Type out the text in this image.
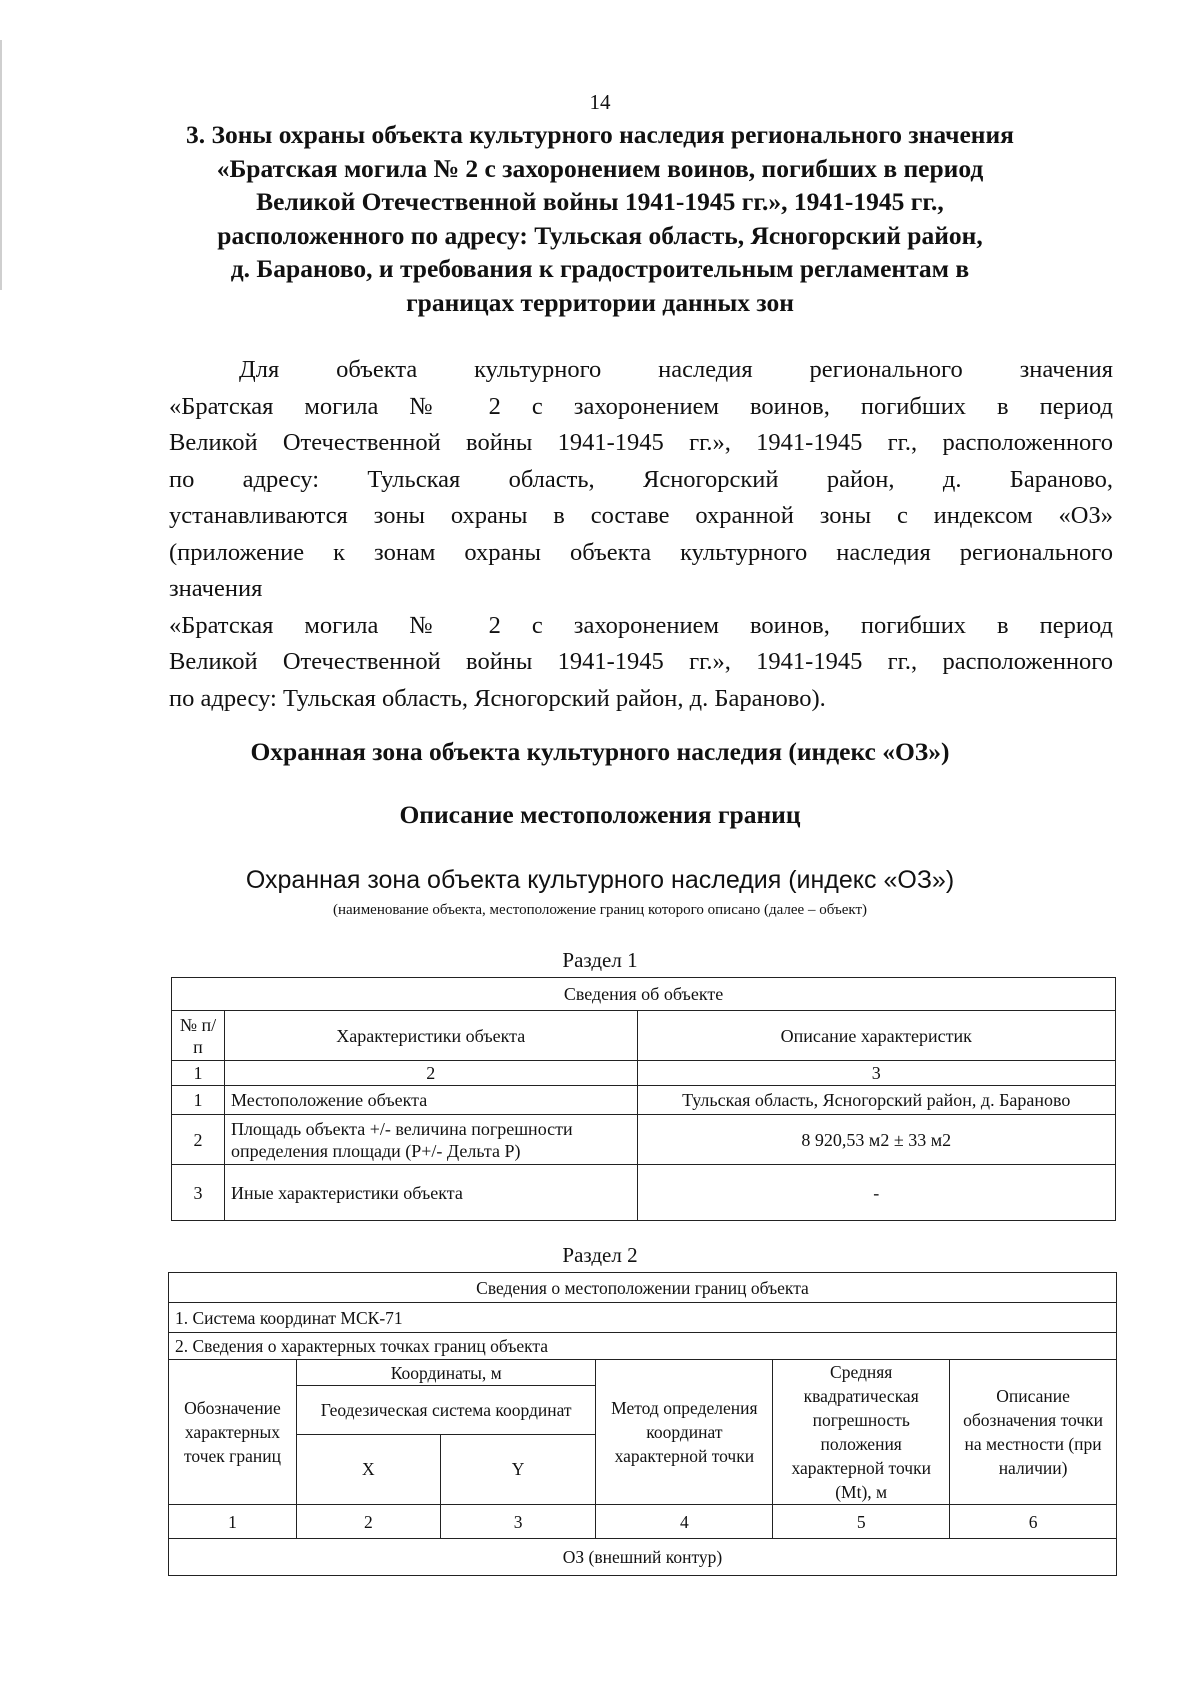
14
3. Зоны охраны объекта культурного наследия регионального значения
«Братская могила № 2 с захоронением воинов, погибших в период
Великой Отечественной войны 1941-1945 гг.», 1941-1945 гг.,
расположенного по адресу: Тульская область, Ясногорский район,
д. Бараново, и требования к градостроительным регламентам в
границах территории данных зон

Для объекта культурного наследия регионального значения

«Братская могила № 2 с захоронением воинов, погибших в период

Великой Отечественной войны 1941-1945 гг.», 1941-1945 гг., расположенного

по адресу: Тульская область, Ясногорский район, д. Бараново,

устанавливаются зоны охраны в составе охранной зоны с индексом «ОЗ»

(приложение к зонам охраны объекта культурного наследия регионального

значения

«Братская могила № 2 с захоронением воинов, погибших в период

Великой Отечественной войны 1941-1945 гг.», 1941-1945 гг., расположенного

по адресу: Тульская область, Ясногорский район, д. Бараново).

Охранная зона объекта культурного наследия (индекс «ОЗ»)
Описание местоположения границ
Охранная зона объекта культурного наследия (индекс «ОЗ»)
(наименование объекта, местоположение границ которого описано (далее – объект)
Раздел 1
Сведения об объекте		
№ п/п	Характеристики объекта	Описание характеристик
1	2	3
1	Местоположение объекта	Тульская область, Ясногорский район, д. Бараново
2	Площадь объекта +/- величина погрешности определения площади (P+/- Дельта P)	8 920,53 м2 ± 33 м2
3	Иные характеристики объекта	-
Раздел 2
Сведения о местоположении границ объекта					
1. Система координат МСК-71					
2. Сведения о характерных точках границ объекта					
Обозначение характерных точек границ	Координаты, м		Метод определения координат характерной точки	Средняя квадратическая погрешность положения характерной точки (Mt), м	Описание обозначения точки на местности (при наличии)
	Геодезическая система координат				
	X	Y			
1	2	3	4	5	6
ОЗ (внешний контур)					
